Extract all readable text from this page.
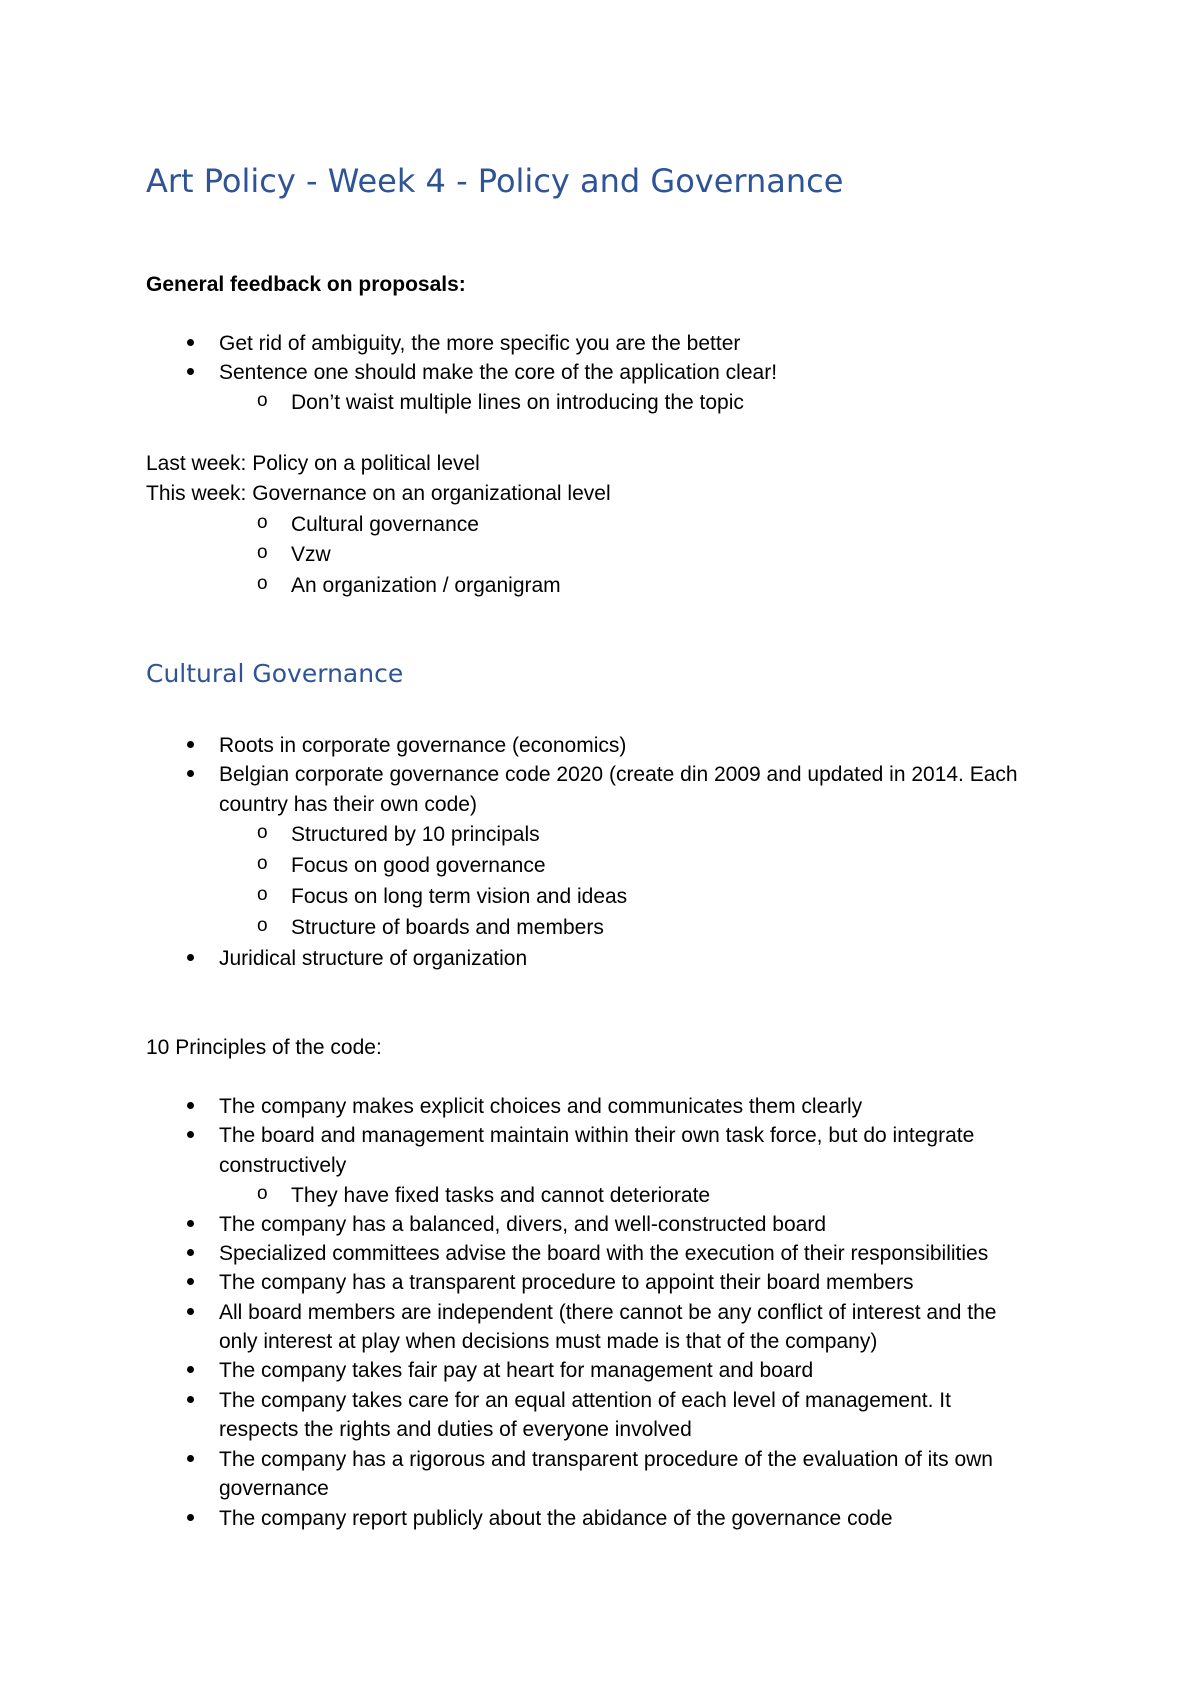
Art Policy - Week 4 - Policy and Governance
General feedback on proposals:
Get rid of ambiguity, the more specific you are the better
Sentence one should make the core of the application clear!
o Don’t waist multiple lines on introducing the topic
Last week: Policy on a political level
This week: Governance on an organizational level
o Cultural governance
o Vzw
o An organization / organigram
Cultural Governance
Roots in corporate governance (economics)
Belgian corporate governance code 2020 (create din 2009 and updated in 2014. Each
country has their own code)
o Structured by 10 principals
o Focus on good governance
o Focus on long term vision and ideas
o Structure of boards and members
Juridical structure of organization
10 Principles of the code:
The company makes explicit choices and communicates them clearly
The board and management maintain within their own task force, but do integrate
constructively
o They have fixed tasks and cannot deteriorate
The company has a balanced, divers, and well-constructed board
Specialized committees advise the board with the execution of their responsibilities
The company has a transparent procedure to appoint their board members
All board members are independent (there cannot be any conflict of interest and the
only interest at play when decisions must made is that of the company)
The company takes fair pay at heart for management and board
The company takes care for an equal attention of each level of management. It
respects the rights and duties of everyone involved
The company has a rigorous and transparent procedure of the evaluation of its own
governance
The company report publicly about the abidance of the governance code
